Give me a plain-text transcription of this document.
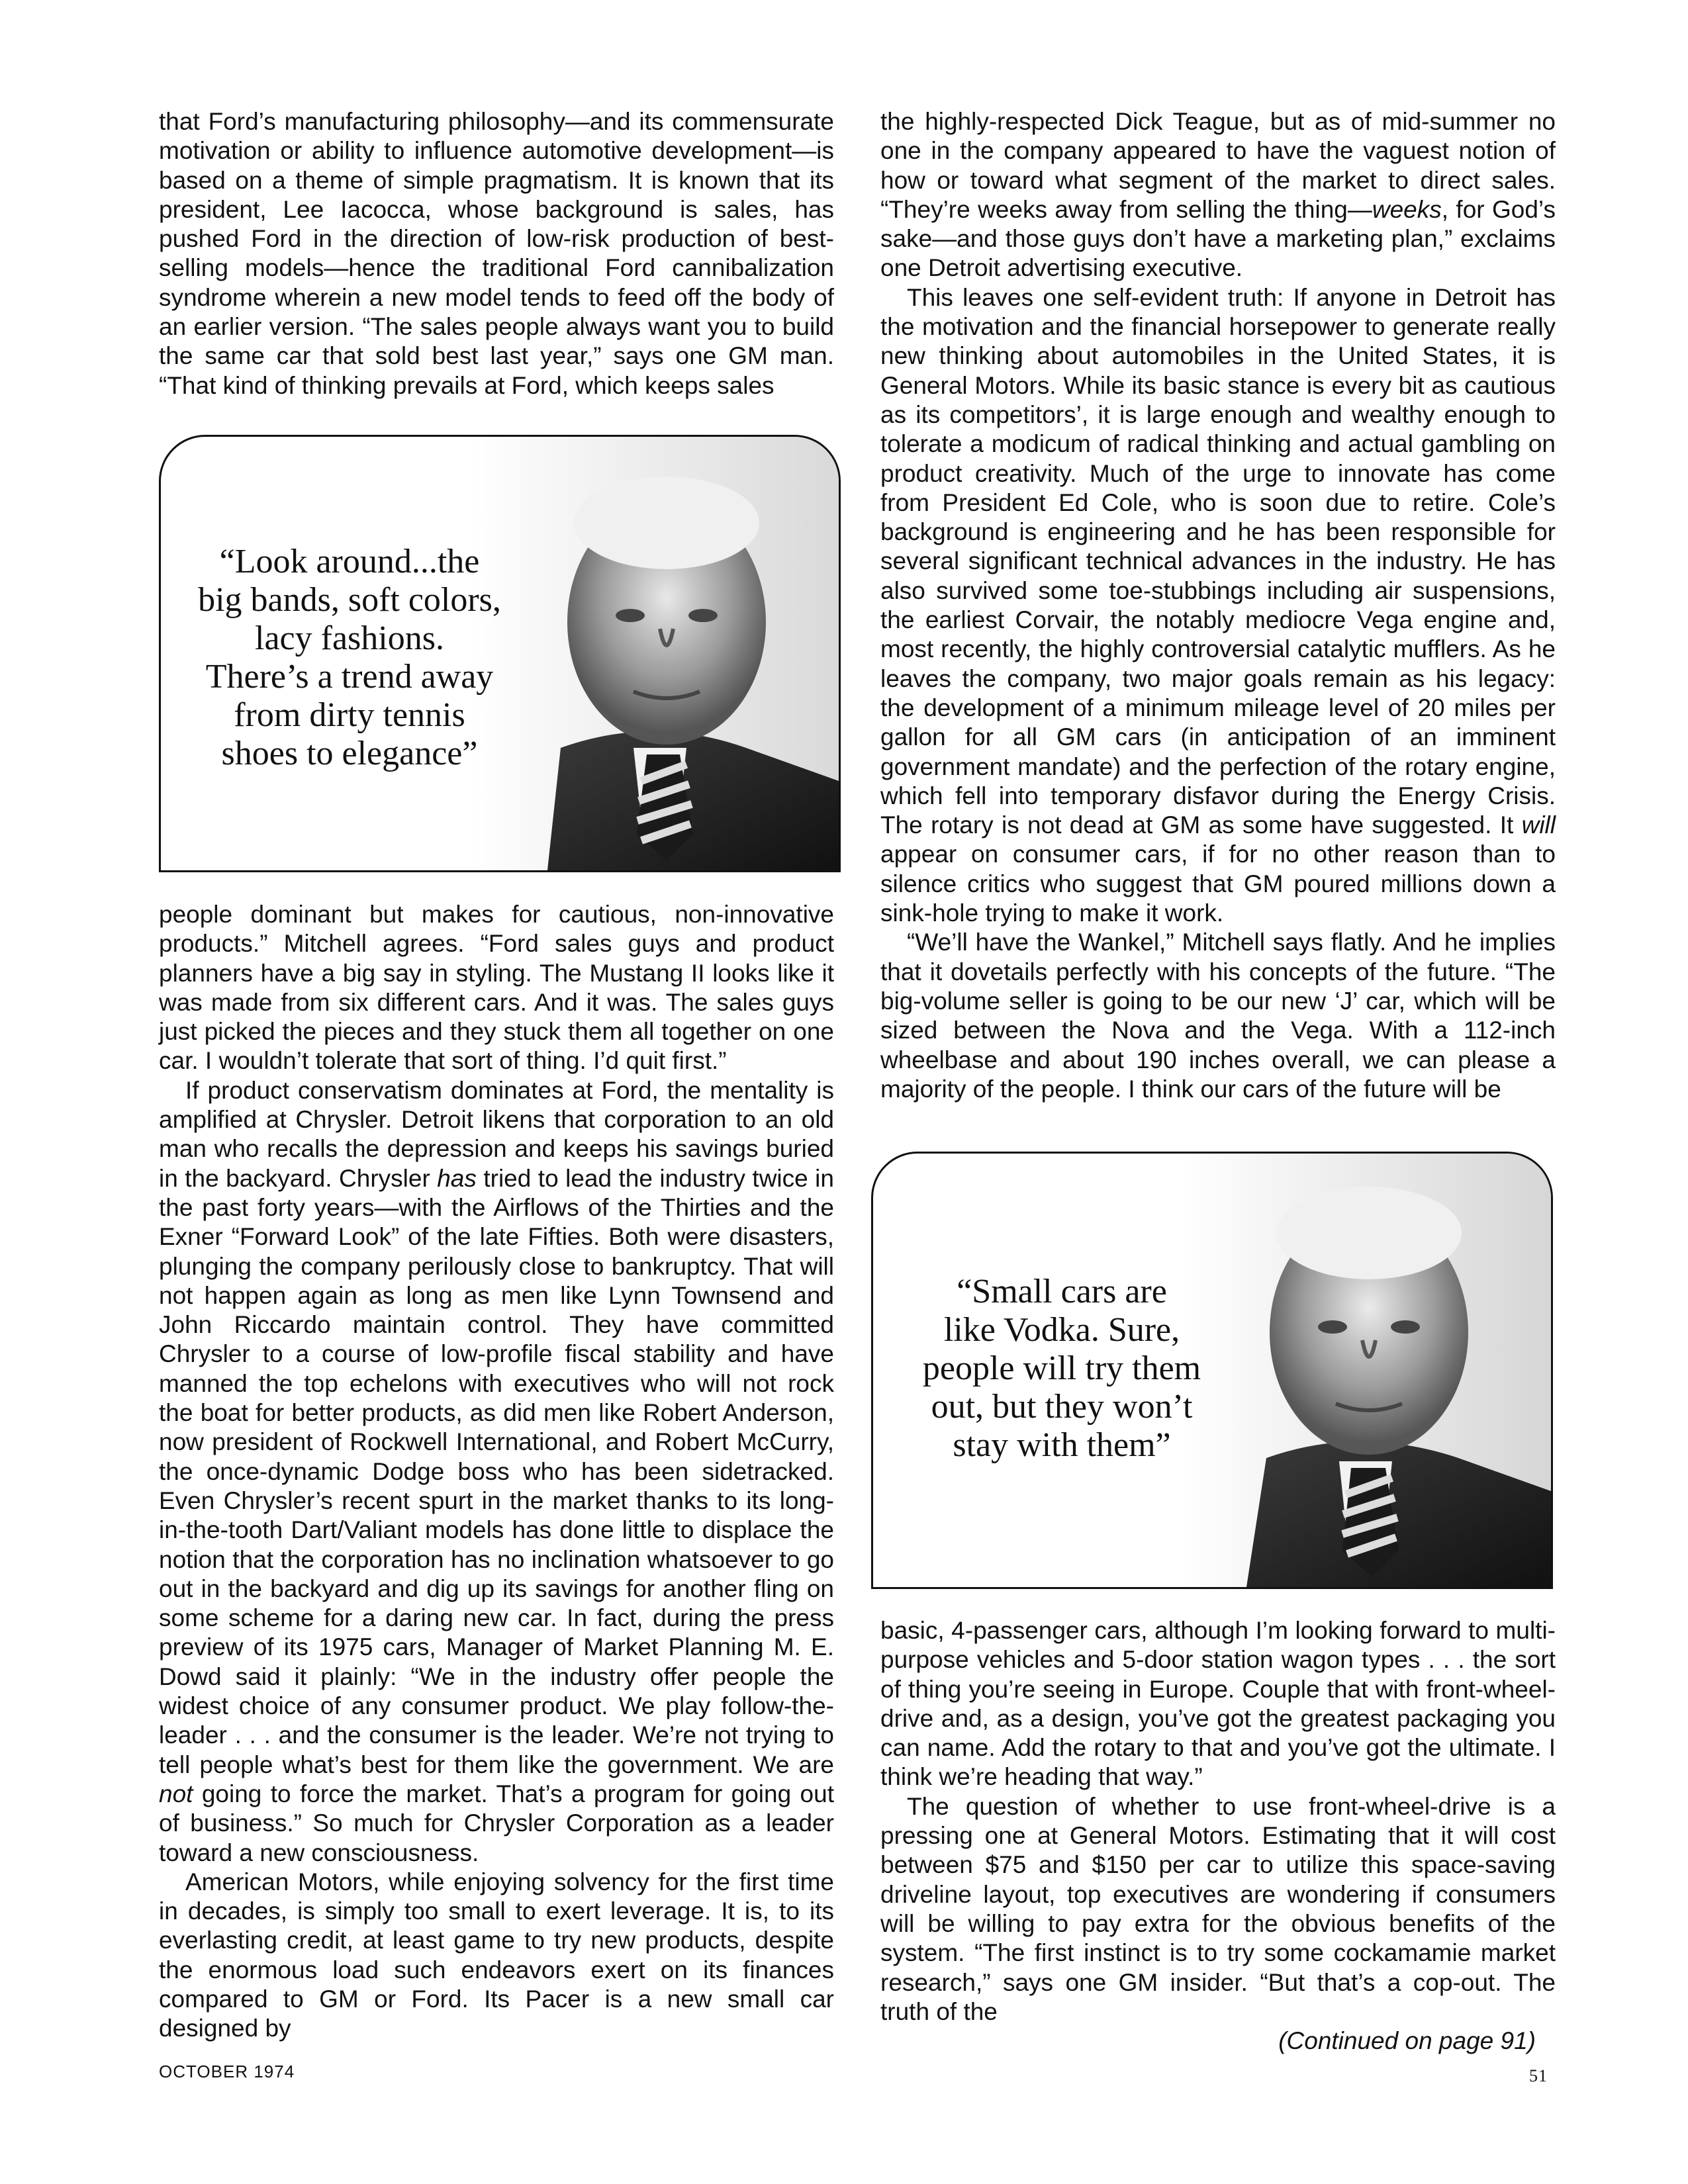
that Ford’s manufacturing philosophy—and its commensurate motivation or ability to influence automotive development—is based on a theme of simple pragmatism. It is known that its president, Lee Iacocca, whose background is sales, has pushed Ford in the direction of low-risk production of best-selling models—hence the traditional Ford cannibalization syndrome wherein a new model tends to feed off the body of an earlier version. “The sales people always want you to build the same car that sold best last year,” says one GM man. “That kind of thinking prevails at Ford, which keeps sales

“Look around...the
big bands, soft colors,
lacy fashions.
There’s a trend away
from dirty tennis
shoes to elegance”

people dominant but makes for cautious, non-innovative products.” Mitchell agrees. “Ford sales guys and product planners have a big say in styling. The Mustang II looks like it was made from six different cars. And it was. The sales guys just picked the pieces and they stuck them all together on one car. I wouldn’t tolerate that sort of thing. I’d quit first.”

If product conservatism dominates at Ford, the mentality is amplified at Chrysler. Detroit likens that corporation to an old man who recalls the depression and keeps his savings buried in the backyard. Chrysler has tried to lead the industry twice in the past forty years—with the Airflows of the Thirties and the Exner “Forward Look” of the late Fifties. Both were disasters, plunging the company perilously close to bankruptcy. That will not happen again as long as men like Lynn Townsend and John Riccardo maintain control. They have committed Chrysler to a course of low-profile fiscal stability and have manned the top echelons with executives who will not rock the boat for better products, as did men like Robert Anderson, now president of Rockwell International, and Robert McCurry, the once-dynamic Dodge boss who has been sidetracked. Even Chrysler’s recent spurt in the market thanks to its long-in-the-tooth Dart/Valiant models has done little to displace the notion that the corporation has no inclination whatsoever to go out in the backyard and dig up its savings for another fling on some scheme for a daring new car. In fact, during the press preview of its 1975 cars, Manager of Market Planning M. E. Dowd said it plainly: “We in the industry offer people the widest choice of any consumer product. We play follow-the-leader . . . and the consumer is the leader. We’re not trying to tell people what’s best for them like the government. We are not going to force the market. That’s a program for going out of business.” So much for Chrysler Corporation as a leader toward a new consciousness.

American Motors, while enjoying solvency for the first time in decades, is simply too small to exert leverage. It is, to its everlasting credit, at least game to try new products, despite the enormous load such endeavors exert on its finances compared to GM or Ford. Its Pacer is a new small car designed by

the highly-respected Dick Teague, but as of mid-summer no one in the company appeared to have the vaguest notion of how or toward what segment of the market to direct sales. “They’re weeks away from selling the thing—weeks, for God’s sake—and those guys don’t have a marketing plan,” exclaims one Detroit advertising executive.

This leaves one self-evident truth: If anyone in Detroit has the motivation and the financial horsepower to generate really new thinking about automobiles in the United States, it is General Motors. While its basic stance is every bit as cautious as its competitors’, it is large enough and wealthy enough to tolerate a modicum of radical thinking and actual gambling on product creativity. Much of the urge to innovate has come from President Ed Cole, who is soon due to retire. Cole’s background is engineering and he has been responsible for several significant technical advances in the industry. He has also survived some toe-stubbings including air suspensions, the earliest Corvair, the notably mediocre Vega engine and, most recently, the highly controversial catalytic mufflers. As he leaves the company, two major goals remain as his legacy: the development of a minimum mileage level of 20 miles per gallon for all GM cars (in anticipation of an imminent government mandate) and the perfection of the rotary engine, which fell into temporary disfavor during the Energy Crisis. The rotary is not dead at GM as some have suggested. It will appear on consumer cars, if for no other reason than to silence critics who suggest that GM poured millions down a sink-hole trying to make it work.

“We’ll have the Wankel,” Mitchell says flatly. And he implies that it dovetails perfectly with his concepts of the future. “The big-volume seller is going to be our new ‘J’ car, which will be sized between the Nova and the Vega. With a 112-inch wheelbase and about 190 inches overall, we can please a majority of the people. I think our cars of the future will be

“Small cars are
like Vodka. Sure,
people will try them
out, but they won’t
stay with them”

basic, 4-passenger cars, although I’m looking forward to multi-purpose vehicles and 5-door station wagon types . . . the sort of thing you’re seeing in Europe. Couple that with front-wheel-drive and, as a design, you’ve got the greatest packaging you can name. Add the rotary to that and you’ve got the ultimate. I think we’re heading that way.”

The question of whether to use front-wheel-drive is a pressing one at General Motors. Estimating that it will cost between $75 and $150 per car to utilize this space-saving driveline layout, top executives are wondering if consumers will be willing to pay extra for the obvious benefits of the system. “The first instinct is to try some cockamamie market research,” says one GM insider. “But that’s a cop-out. The truth of the

(Continued on page 91)

OCTOBER 1974	51
